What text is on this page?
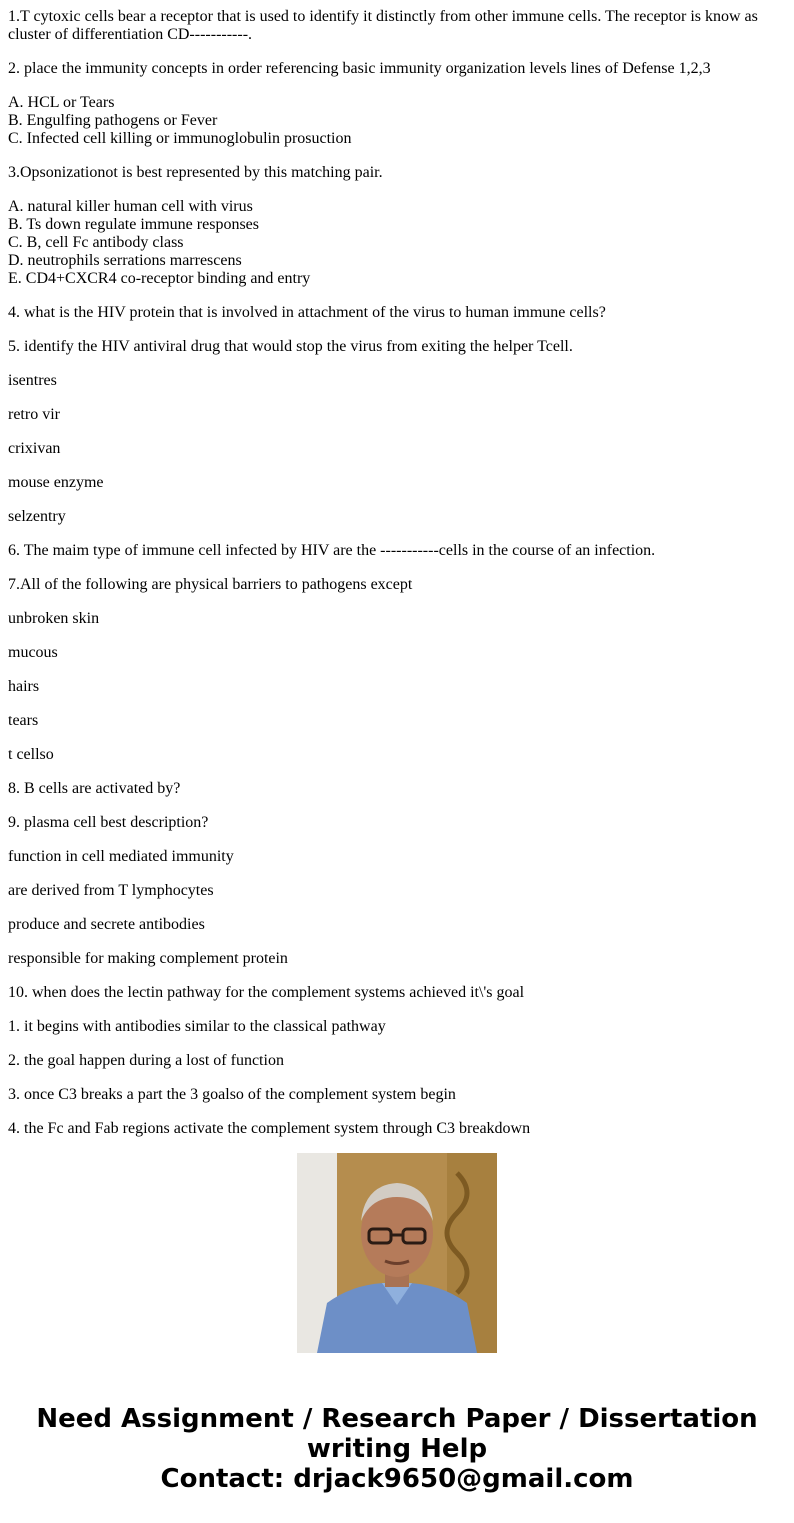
1.T cytoxic cells bear a receptor that is used to identify it distinctly from other immune cells. The receptor is know as cluster of differentiation CD-----------.

2. place the immunity concepts in order referencing basic immunity organization levels lines of Defense 1,2,3

A. HCL or Tears
B. Engulfing pathogens or Fever
C. Infected cell killing or immunoglobulin prosuction

3.Opsonizationot is best represented by this matching pair.

A. natural killer human cell with virus
B. Ts down regulate immune responses
C. B, cell Fc antibody class
D. neutrophils serrations marrescens
E. CD4+CXCR4 co-receptor binding and entry

4. what is the HIV protein that is involved in attachment of the virus to human immune cells?

5. identify the HIV antiviral drug that would stop the virus from exiting the helper Tcell.

isentres

retro vir

crixivan

mouse enzyme

selzentry

6. The maim type of immune cell infected by HIV are the -----------cells in the course of an infection.

7.All of the following are physical barriers to pathogens except

unbroken skin

mucous

hairs

tears

t cellso

8. B cells are activated by?

9. plasma cell best description?

function in cell mediated immunity

are derived from T lymphocytes

produce and secrete antibodies

responsible for making complement protein

10. when does the lectin pathway for the complement systems achieved it\'s goal

1. it begins with antibodies similar to the classical pathway

2. the goal happen during a lost of function

3. once C3 breaks a part the 3 goalso of the complement system begin

4. the Fc and Fab regions activate the complement system through C3 breakdown

Need Assignment / Research Paper / Dissertation
writing Help
Contact: drjack9650@gmail.com
